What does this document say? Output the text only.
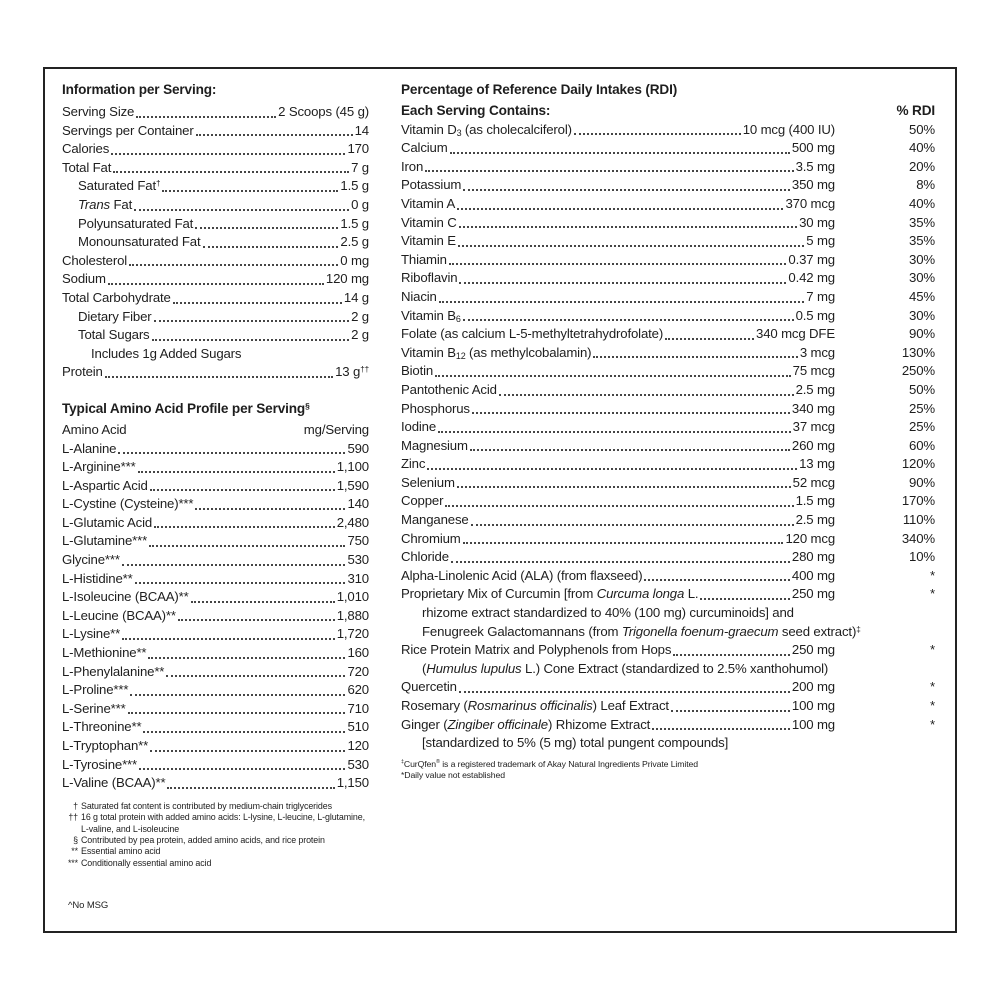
Information per Serving:
Serving Size	2 Scoops (45 g)
Servings per Container	14
Calories	170
Total Fat	7 g
Saturated Fat†	1.5 g
Trans Fat	0 g
Polyunsaturated Fat	1.5 g
Monounsaturated Fat	2.5 g
Cholesterol	0 mg
Sodium	120 mg
Total Carbohydrate	14 g
Dietary Fiber	2 g
Total Sugars	2 g
Includes 1g Added Sugars
Protein	13 g††
Typical Amino Acid Profile per Serving§
Amino Acid	mg/Serving
L-Alanine	590
L-Arginine***	1,100
L-Aspartic Acid	1,590
L-Cystine (Cysteine)***	140
L-Glutamic Acid	2,480
L-Glutamine***	750
Glycine***	530
L-Histidine**	310
L-Isoleucine (BCAA)**	1,010
L-Leucine (BCAA)**	1,880
L-Lysine**	1,720
L-Methionine**	160
L-Phenylalanine**	720
L-Proline***	620
L-Serine***	710
L-Threonine**	510
L-Tryptophan**	120
L-Tyrosine***	530
L-Valine (BCAA)**	1,150
† Saturated fat content is contributed by medium-chain triglycerides
†† 16 g total protein with added amino acids: L-lysine, L-leucine, L-glutamine, L-valine, and L-isoleucine
§ Contributed by pea protein, added amino acids, and rice protein
** Essential amino acid
*** Conditionally essential amino acid
Percentage of Reference Daily Intakes (RDI)
Each Serving Contains:	% RDI
Vitamin $D_3$ (as cholecalciferol)	10 mcg (400 IU)	50%
Calcium	500 mg	40%
Iron	3.5 mg	20%
Potassium	350 mg	8%
Vitamin A	370 mcg	40%
Vitamin C	30 mg	35%
Vitamin E	5 mg	35%
Thiamin	0.37 mg	30%
Riboflavin	0.42 mg	30%
Niacin	7 mg	45%
Vitamin $B_6$	0.5 mg	30%
Folate (as calcium L-5-methyltetrahydrofolate)	340 mcg DFE	90%
Vitamin $B_{12}$ (as methylcobalamin)	3 mcg	130%
Biotin	75 mcg	250%
Pantothenic Acid	2.5 mg	50%
Phosphorus	340 mg	25%
Iodine	37 mcg	25%
Magnesium	260 mg	60%
Zinc	13 mg	120%
Selenium	52 mcg	90%
Copper	1.5 mg	170%
Manganese	2.5 mg	110%
Chromium	120 mcg	340%
Chloride	280 mg	10%
Alpha-Linolenic Acid (ALA) (from flaxseed)	400 mg	*
Proprietary Mix of Curcumin [from Curcuma longa L.	250 mg	*
rhizome extract standardized to 40% (100 mg) curcuminoids] and
Fenugreek Galactomannans (from Trigonella foenum-graecum seed extract)‡
Rice Protein Matrix and Polyphenols from Hops	250 mg	*
(Humulus lupulus L.) Cone Extract (standardized to 2.5% xanthohumol)
Quercetin	200 mg	*
Rosemary (Rosmarinus officinalis) Leaf Extract	100 mg	*
Ginger (Zingiber officinale) Rhizome Extract	100 mg	*
[standardized to 5% (5 mg) total pungent compounds]
‡CurQfen® is a registered trademark of Akay Natural Ingredients Private Limited
*Daily value not established
^No MSG
